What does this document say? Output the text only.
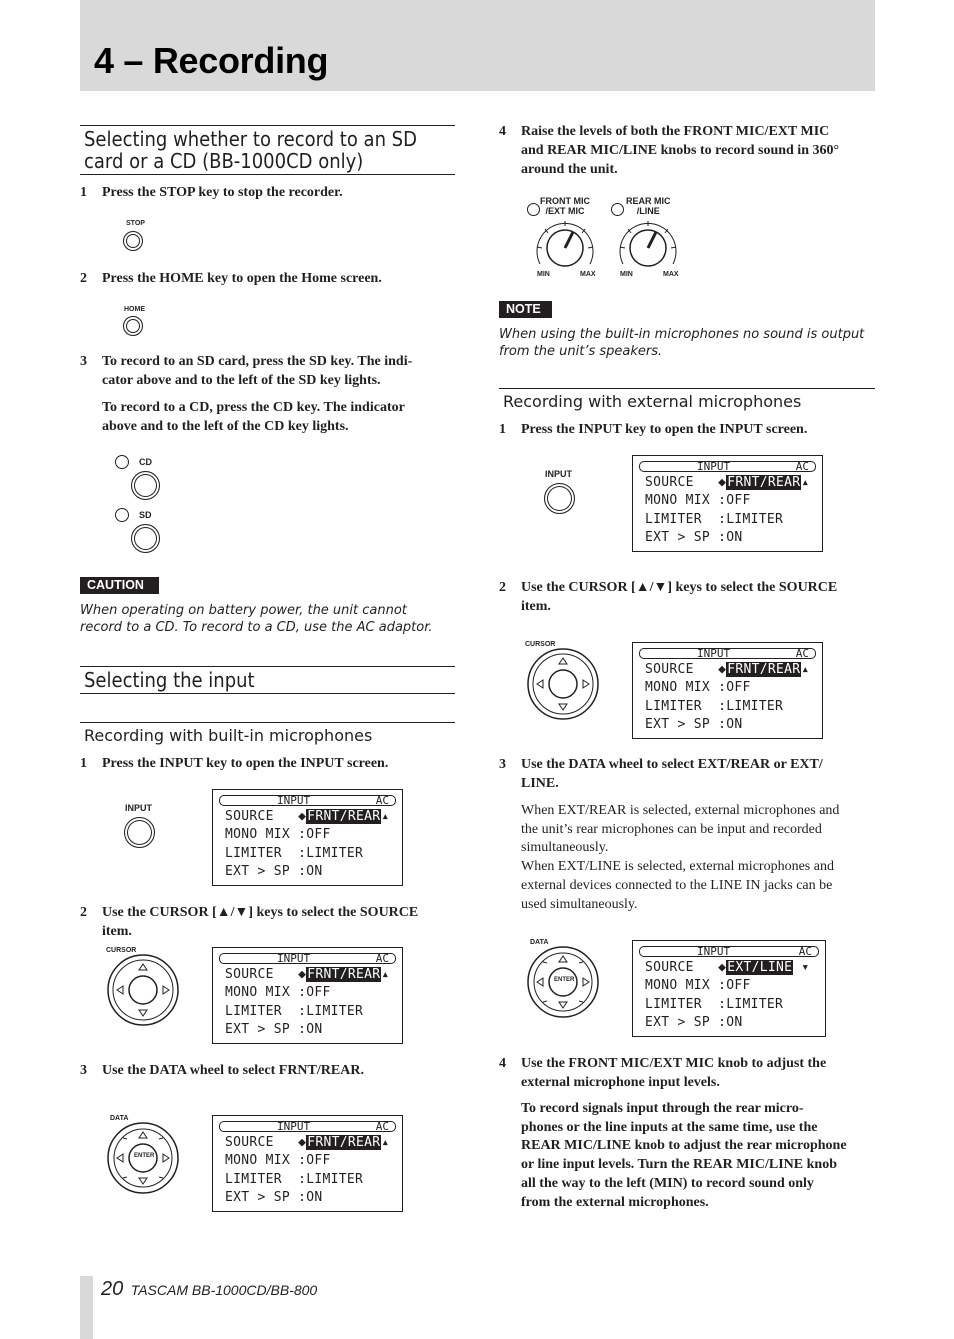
4 – Recording
Selecting whether to record to an SD
card or a CD (BB-1000CD only)
1 Press the STOP key to stop the recorder.
STOP
2 Press the HOME key to open the Home screen.
HOME
3 To record to an SD card, press the SD key. The indi-
cator above and to the left of the SD key lights.
To record to a CD, press the CD key. The indicator
above and to the left of the CD key lights.
CD
SD
CAUTION
When operating on battery power, the unit cannot
record to a CD. To record to a CD, use the AC adaptor.
Selecting the input
Recording with built-in microphones
1 Press the INPUT key to open the INPUT screen.
INPUT
INPUT	AC
SOURCE   ◆FRNT/REAR▴
MONO MIX :OFF
LIMITER :LIMITER
EXT > SP :ON
2 Use the CURSOR [▲/▼] keys to select the SOURCE
item.
CURSOR
INPUT	AC
SOURCE   ◆FRNT/REAR▴
MONO MIX :OFF
LIMITER :LIMITER
EXT > SP :ON
3 Use the DATA wheel to select FRNT/REAR.
DATA
ENTER
INPUT	AC
SOURCE   ◆FRNT/REAR▴
MONO MIX :OFF
LIMITER :LIMITER
EXT > SP :ON
4 Raise the levels of both the FRONT MIC/EXT MIC
and REAR MIC/LINE knobs to record sound in 360°
around the unit.
FRONT MIC
/EXT MIC
MIN	MAX
REAR MIC
/LINE
MIN	MAX
NOTE
When using the built-in microphones no sound is output
from the unit’s speakers.
Recording with external microphones
1 Press the INPUT key to open the INPUT screen.
INPUT
INPUT	AC
SOURCE   ◆FRNT/REAR▴
MONO MIX :OFF
LIMITER :LIMITER
EXT > SP :ON
2 Use the CURSOR [▲/▼] keys to select the SOURCE
item.
CURSOR
INPUT	AC
SOURCE   ◆FRNT/REAR▴
MONO MIX :OFF
LIMITER :LIMITER
EXT > SP :ON
3 Use the DATA wheel to select EXT/REAR or EXT/
LINE.
When EXT/REAR is selected, external microphones and
the unit’s rear microphones can be input and recorded
simultaneously.
When EXT/LINE is selected, external microphones and
external devices connected to the LINE IN jacks can be
used simultaneously.
DATA
ENTER
INPUT	AC
SOURCE   ◆EXT/LINE ▾
MONO MIX :OFF
LIMITER :LIMITER
EXT > SP :ON
4 Use the FRONT MIC/EXT MIC knob to adjust the
external microphone input levels.
To record signals input through the rear micro-
phones or the line inputs at the same time, use the
REAR MIC/LINE knob to adjust the rear microphone
or line input levels. Turn the REAR MIC/LINE knob
all the way to the left (MIN) to record sound only
from the external microphones.
20 TASCAM BB-1000CD/BB-800
